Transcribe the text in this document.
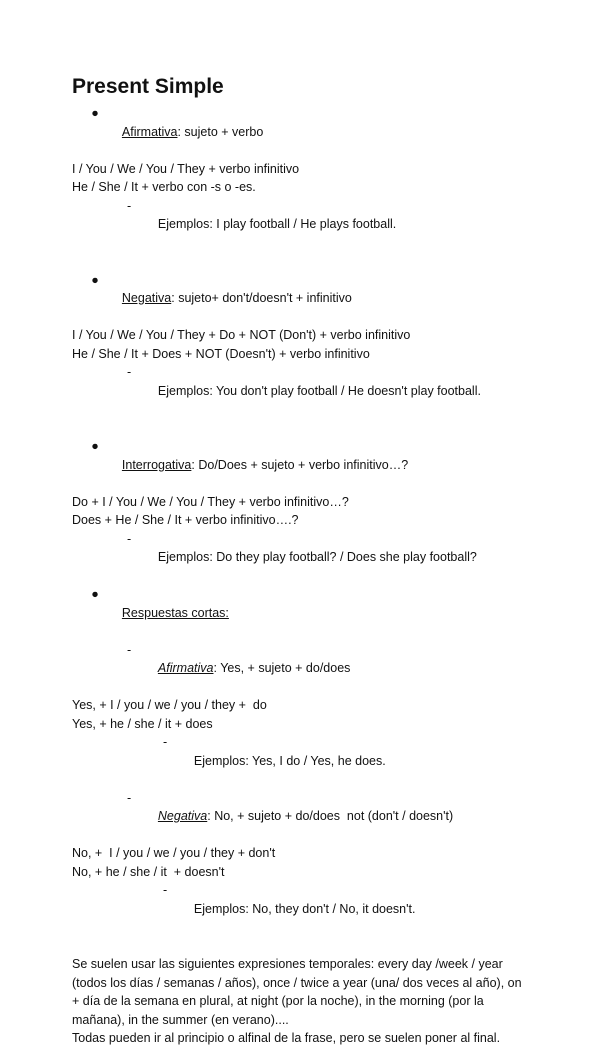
Present Simple

●
Afirmativa: sujeto + verbo

I / You / We / You / They + verbo infinitivo
He / She / It + verbo con -s o -es.

-
Ejemplos: I play football / He plays football.

●
Negativa: sujeto+ don't/doesn't + infinitivo

I / You / We / You / They + Do + NOT (Don't) + verbo infinitivo
He / She / It + Does + NOT (Doesn't) + verbo infinitivo

-
Ejemplos: You don't play football / He doesn't play football.

●
Interrogativa: Do/Does + sujeto + verbo infinitivo…?

Do + I / You / We / You / They + verbo infinitivo…?
Does + He / She / It + verbo infinitivo….?

-
Ejemplos: Do they play football? / Does she play football?

●
Respuestas cortas:

-
Afirmativa: Yes, + sujeto + do/does

Yes, + I / you / we / you / they +  do
Yes, + he / she / it + does

-
Ejemplos: Yes, I do / Yes, he does.

-
Negativa: No, + sujeto + do/does  not (don't / doesn't)

No, +  I / you / we / you / they + don't
No, + he / she / it  + doesn't

-
Ejemplos: No, they don't / No, it doesn't.

Se suelen usar las siguientes expresiones temporales: every day /week / year (todos los días / semanas / años), once / twice a year (una/ dos veces al año), on + día de la semana en plural, at night (por la noche), in the morning (por la mañana), in the summer (en verano)....

Todas pueden ir al principio o alfinal de la frase, pero se suelen poner al final.
